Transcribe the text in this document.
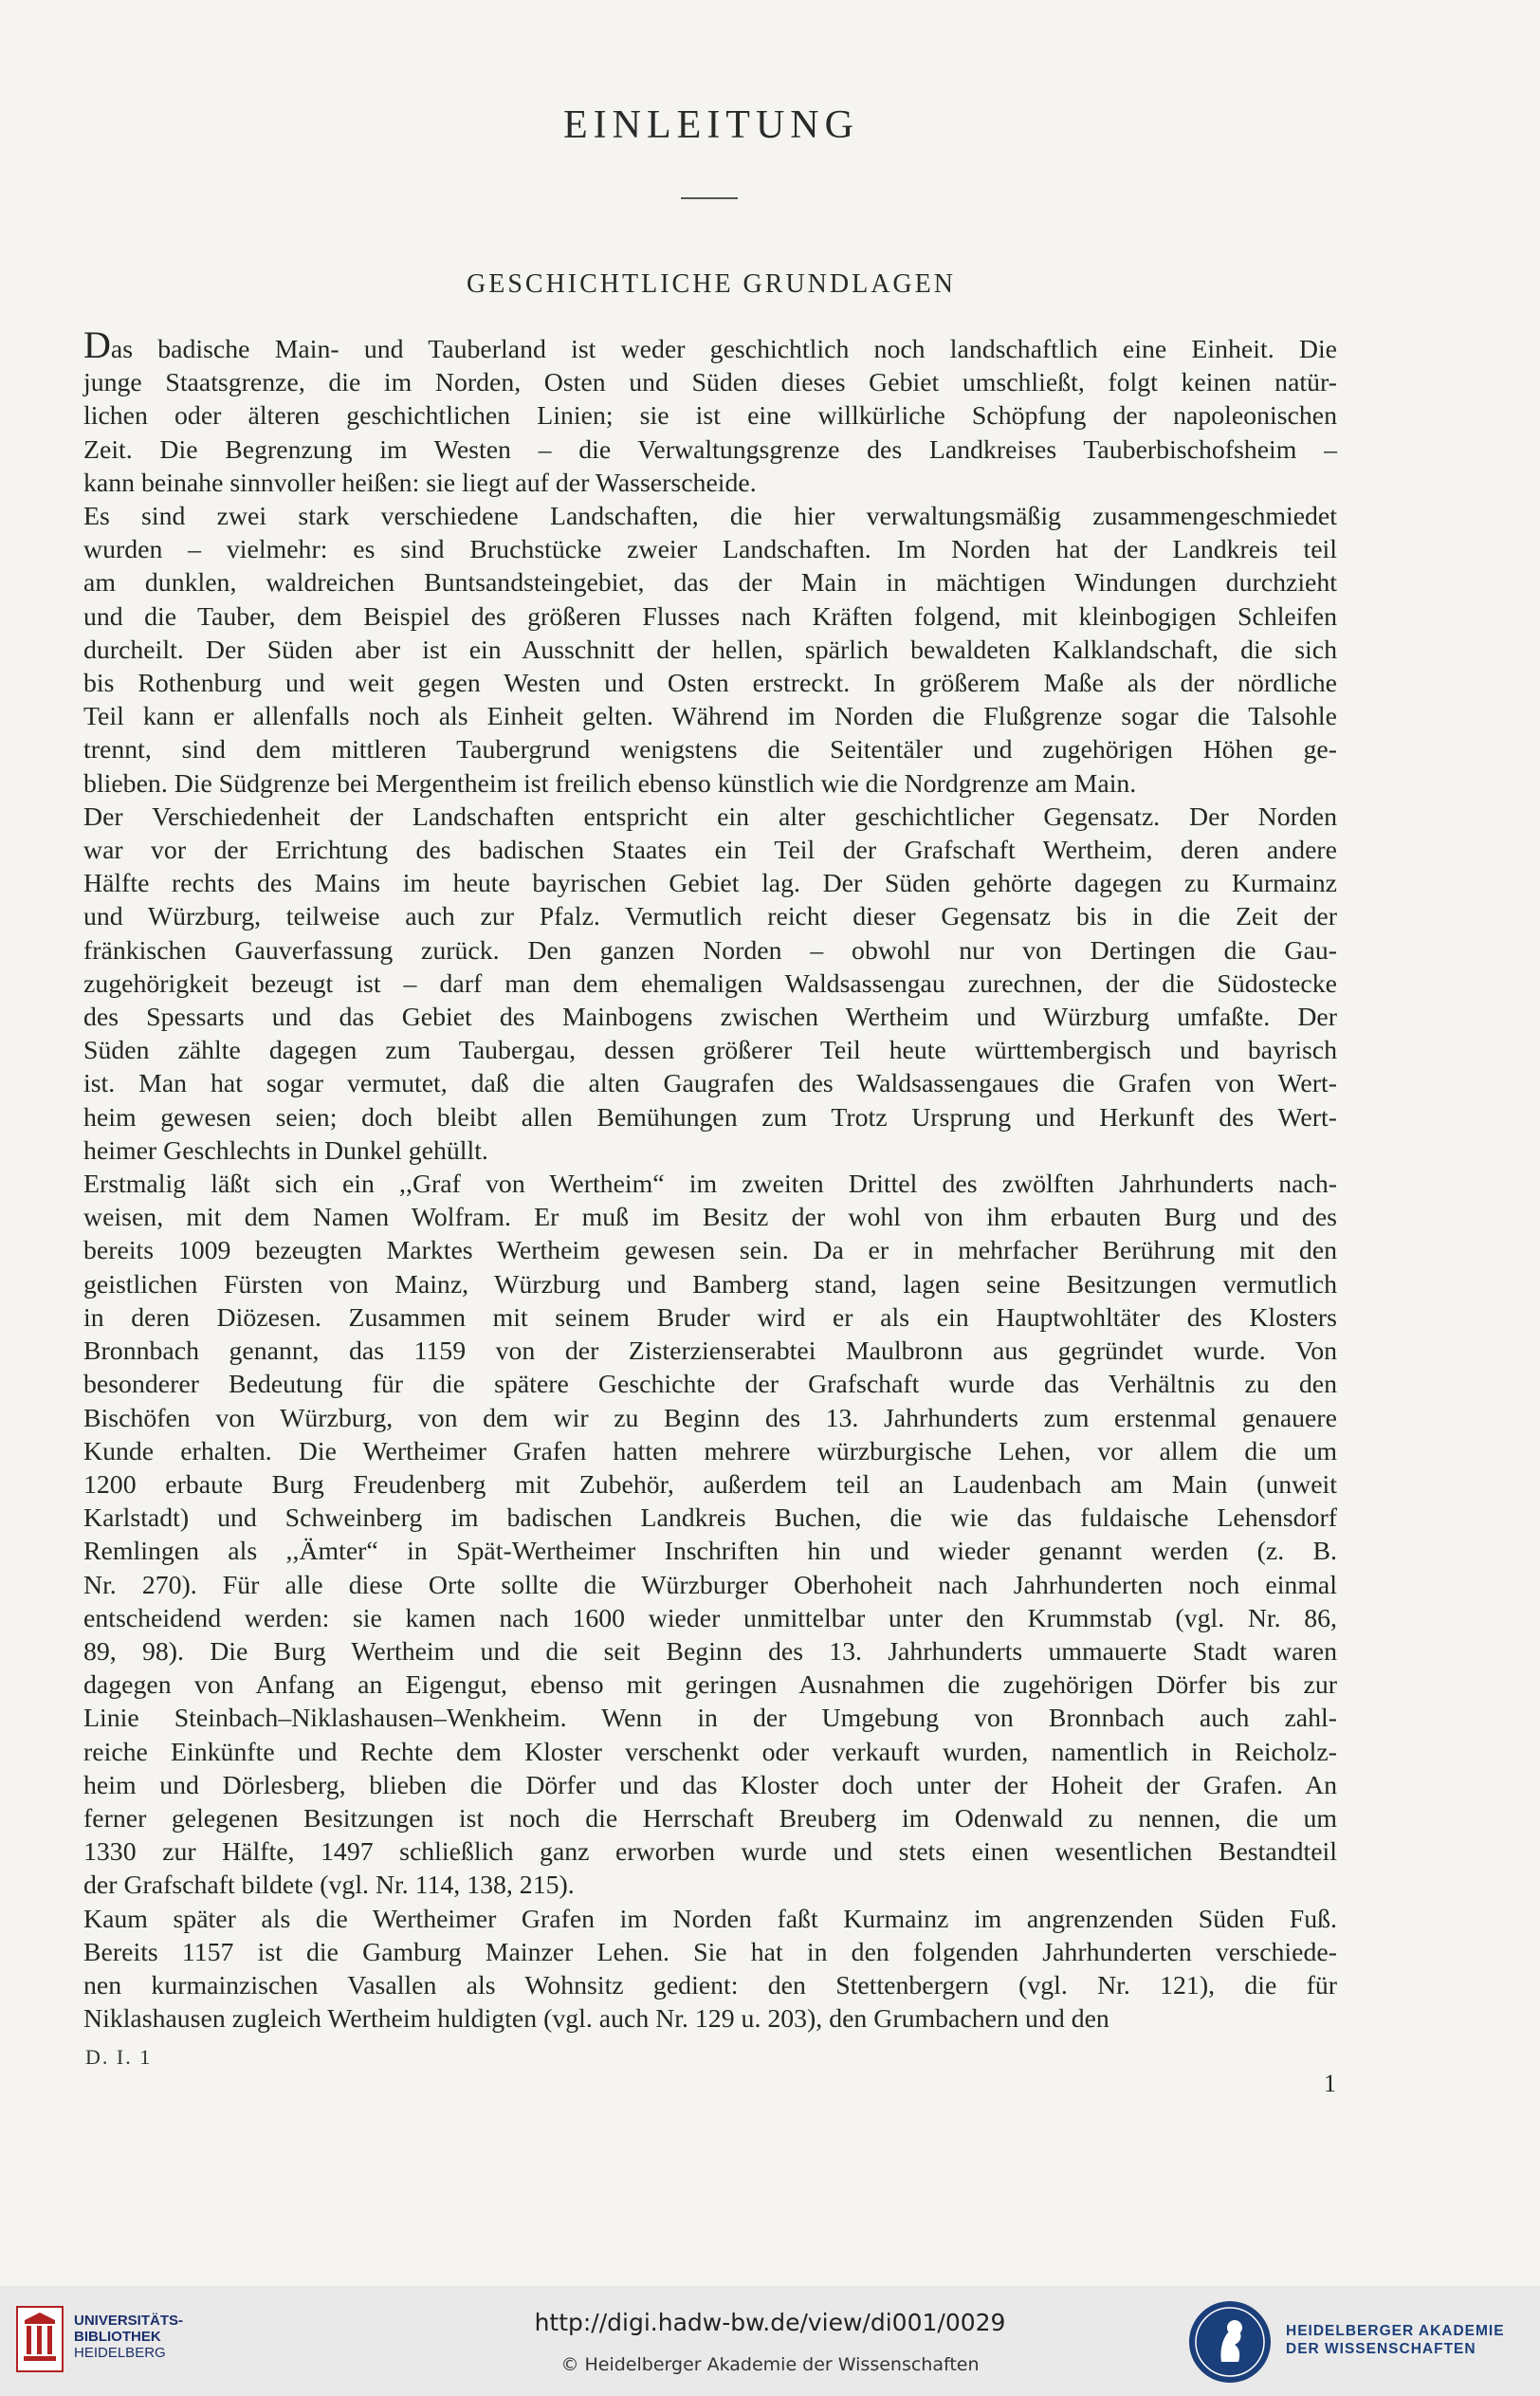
EINLEITUNG
GESCHICHTLICHE GRUNDLAGEN

Das badische Main- und Tauberland ist weder geschichtlich noch landschaftlich eine Einheit. Die
junge Staatsgrenze, die im Norden, Osten und Süden dieses Gebiet umschließt, folgt keinen natür-
lichen oder älteren geschichtlichen Linien; sie ist eine willkürliche Schöpfung der napoleonischen
Zeit. Die Begrenzung im Westen – die Verwaltungsgrenze des Landkreises Tauberbischofsheim –
kann beinahe sinnvoller heißen: sie liegt auf der Wasserscheide.

Es sind zwei stark verschiedene Landschaften, die hier verwaltungsmäßig zusammengeschmiedet
wurden – vielmehr: es sind Bruchstücke zweier Landschaften. Im Norden hat der Landkreis teil
am dunklen, waldreichen Buntsandsteingebiet, das der Main in mächtigen Windungen durchzieht
und die Tauber, dem Beispiel des größeren Flusses nach Kräften folgend, mit kleinbogigen Schleifen
durcheilt. Der Süden aber ist ein Ausschnitt der hellen, spärlich bewaldeten Kalklandschaft, die sich
bis Rothenburg und weit gegen Westen und Osten erstreckt. In größerem Maße als der nördliche
Teil kann er allenfalls noch als Einheit gelten. Während im Norden die Flußgrenze sogar die Talsohle
trennt, sind dem mittleren Taubergrund wenigstens die Seitentäler und zugehörigen Höhen ge-
blieben. Die Südgrenze bei Mergentheim ist freilich ebenso künstlich wie die Nordgrenze am Main.

Der Verschiedenheit der Landschaften entspricht ein alter geschichtlicher Gegensatz. Der Norden
war vor der Errichtung des badischen Staates ein Teil der Grafschaft Wertheim, deren andere
Hälfte rechts des Mains im heute bayrischen Gebiet lag. Der Süden gehörte dagegen zu Kurmainz
und Würzburg, teilweise auch zur Pfalz. Vermutlich reicht dieser Gegensatz bis in die Zeit der
fränkischen Gauverfassung zurück. Den ganzen Norden – obwohl nur von Dertingen die Gau-
zugehörigkeit bezeugt ist – darf man dem ehemaligen Waldsassengau zurechnen, der die Südostecke
des Spessarts und das Gebiet des Mainbogens zwischen Wertheim und Würzburg umfaßte. Der
Süden zählte dagegen zum Taubergau, dessen größerer Teil heute württembergisch und bayrisch
ist. Man hat sogar vermutet, daß die alten Gaugrafen des Waldsassengaues die Grafen von Wert-
heim gewesen seien; doch bleibt allen Bemühungen zum Trotz Ursprung und Herkunft des Wert-
heimer Geschlechts in Dunkel gehüllt.

Erstmalig läßt sich ein ,,Graf von Wertheim“ im zweiten Drittel des zwölften Jahrhunderts nach-
weisen, mit dem Namen Wolfram. Er muß im Besitz der wohl von ihm erbauten Burg und des
bereits 1009 bezeugten Marktes Wertheim gewesen sein. Da er in mehrfacher Berührung mit den
geistlichen Fürsten von Mainz, Würzburg und Bamberg stand, lagen seine Besitzungen vermutlich
in deren Diözesen. Zusammen mit seinem Bruder wird er als ein Hauptwohltäter des Klosters
Bronnbach genannt, das 1159 von der Zisterzienserabtei Maulbronn aus gegründet wurde. Von
besonderer Bedeutung für die spätere Geschichte der Grafschaft wurde das Verhältnis zu den
Bischöfen von Würzburg, von dem wir zu Beginn des 13. Jahrhunderts zum erstenmal genauere
Kunde erhalten. Die Wertheimer Grafen hatten mehrere würzburgische Lehen, vor allem die um
1200 erbaute Burg Freudenberg mit Zubehör, außerdem teil an Laudenbach am Main (unweit
Karlstadt) und Schweinberg im badischen Landkreis Buchen, die wie das fuldaische Lehensdorf
Remlingen als ,,Ämter“ in Spät-Wertheimer Inschriften hin und wieder genannt werden (z. B.
Nr. 270). Für alle diese Orte sollte die Würzburger Oberhoheit nach Jahrhunderten noch einmal
entscheidend werden: sie kamen nach 1600 wieder unmittelbar unter den Krummstab (vgl. Nr. 86,
89, 98). Die Burg Wertheim und die seit Beginn des 13. Jahrhunderts ummauerte Stadt waren
dagegen von Anfang an Eigengut, ebenso mit geringen Ausnahmen die zugehörigen Dörfer bis zur
Linie Steinbach–Niklashausen–Wenkheim. Wenn in der Umgebung von Bronnbach auch zahl-
reiche Einkünfte und Rechte dem Kloster verschenkt oder verkauft wurden, namentlich in Reicholz-
heim und Dörlesberg, blieben die Dörfer und das Kloster doch unter der Hoheit der Grafen. An
ferner gelegenen Besitzungen ist noch die Herrschaft Breuberg im Odenwald zu nennen, die um
1330 zur Hälfte, 1497 schließlich ganz erworben wurde und stets einen wesentlichen Bestandteil
der Grafschaft bildete (vgl. Nr. 114, 138, 215).

Kaum später als die Wertheimer Grafen im Norden faßt Kurmainz im angrenzenden Süden Fuß.
Bereits 1157 ist die Gamburg Mainzer Lehen. Sie hat in den folgenden Jahrhunderten verschiede-
nen kurmainzischen Vasallen als Wohnsitz gedient: den Stettenbergern (vgl. Nr. 121), die für
Niklashausen zugleich Wertheim huldigten (vgl. auch Nr. 129 u. 203), den Grumbachern und den

D. I. 1
1
UNIVERSITÄTS-
BIBLIOTHEK
HEIDELBERG
http://digi.hadw-bw.de/view/di001/0029
© Heidelberger Akademie der Wissenschaften
HEIDELBERGER AKADEMIE
DER WISSENSCHAFTEN
